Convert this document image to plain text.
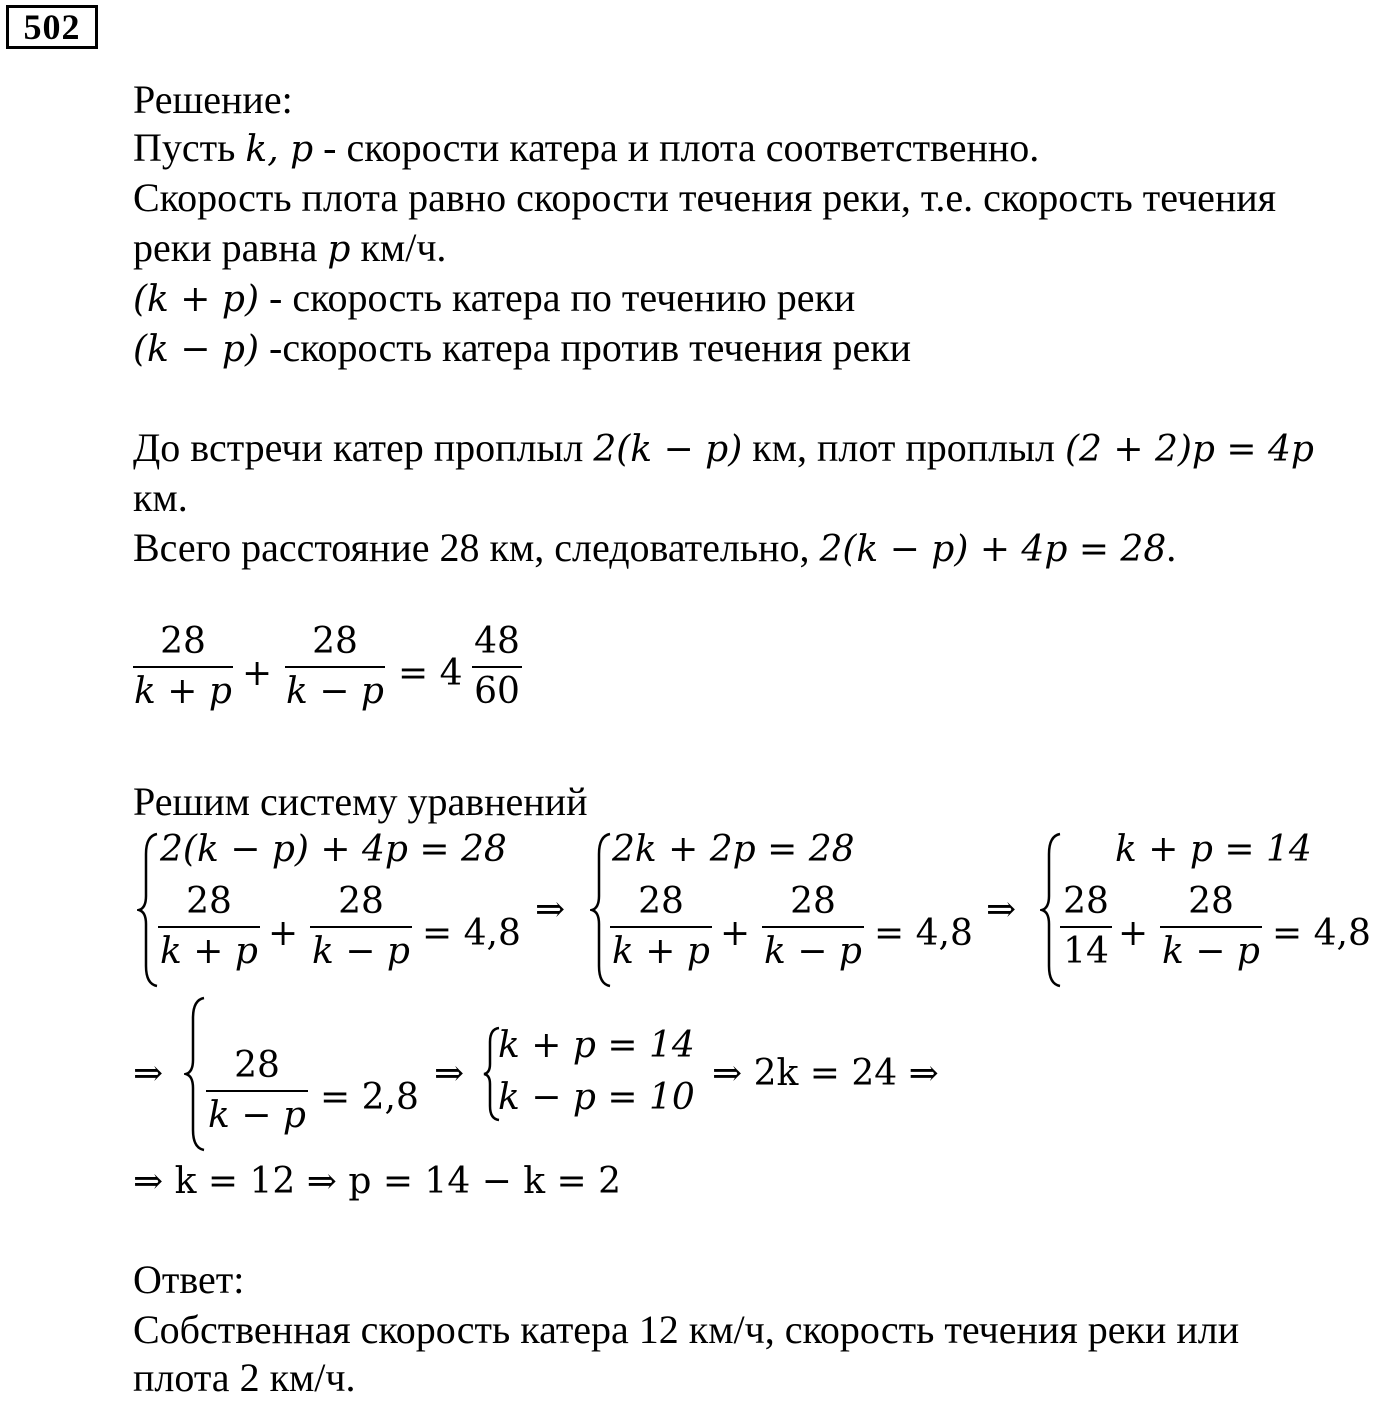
502
Решение:
Пусть k, p - скорости катера и плота соответственно.
Скорость плота равно скорости течения реки, т.е. скорость течения
реки равна p км/ч.
(k + p) - скорость катера по течению реки
(k − p) -скорость катера против течения реки
До встречи катер проплыл 2(k − p) км, плот проплыл (2 + 2)p = 4p
км.
Всего расстояние 28 км, следовательно, 2(k − p) + 4p = 28.
28
k + p +
28
k − p = 4
48
60
Решим систему уравнений
2(k − p) + 4p = 28
28
k + p +
28
k − p = 4,8
⇒
2k + 2p = 28
28
k + p +
28
k − p = 4,8
⇒
k + p = 14
28
14 +
28
k − p = 4,8
⇒	28
k − p = 2,8
⇒
k + p = 14
k − p = 10
⇒ 2k = 24 ⇒
⇒ k = 12 ⇒ p = 14 − k = 2
Ответ:
Собственная скорость катера 12 км/ч, скорость течения реки или
плота 2 км/ч.
